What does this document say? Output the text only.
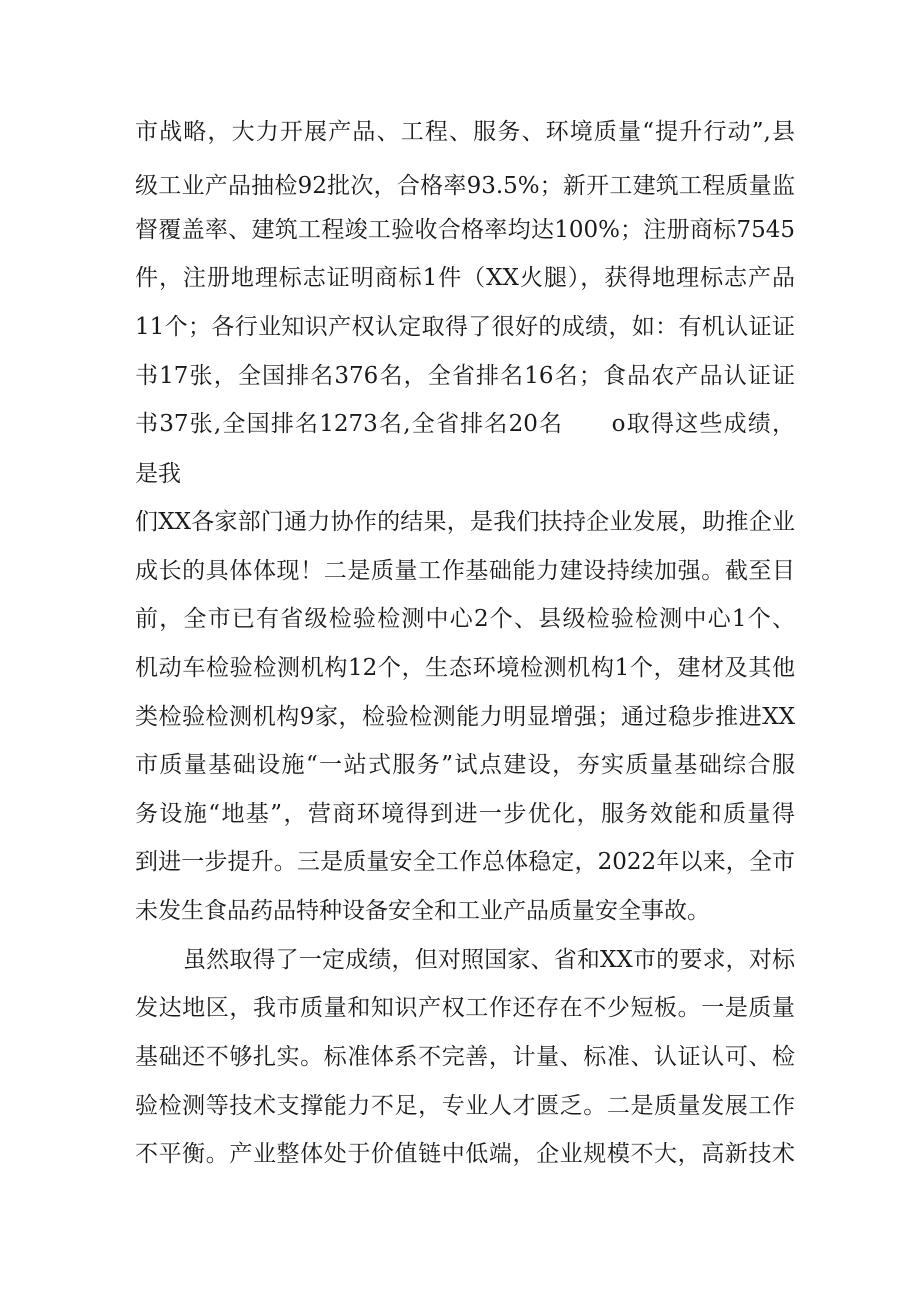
市战略，大力开展产品、工程、服务、环境质量“提升行动”,县
级工业产品抽检92批次，合格率93.5%；新开工建筑工程质量监
督覆盖率、建筑工程竣工验收合格率均达100%；注册商标7545
件，注册地理标志证明商标1件（XX火腿），获得地理标志产品
11个；各行业知识产权认定取得了很好的成绩，如：有机认证证
书17张，全国排名376名，全省排名16名；食品农产品认证证
书37张,全国排名1273名,全省排名20名　　o取得这些成绩，
是我
们XX各家部门通力协作的结果，是我们扶持企业发展，助推企业
成长的具体体现！二是质量工作基础能力建设持续加强。截至目
前，全市已有省级检验检测中心2个、县级检验检测中心1个、
机动车检验检测机构12个，生态环境检测机构1个，建材及其他
类检验检测机构9家，检验检测能力明显增强；通过稳步推进XX
市质量基础设施“一站式服务”试点建设，夯实质量基础综合服
务设施“地基”，营商环境得到进一步优化，服务效能和质量得
到进一步提升。三是质量安全工作总体稳定，2022年以来，全市
未发生食品药品特种设备安全和工业产品质量安全事故。
虽然取得了一定成绩，但对照国家、省和XX市的要求，对标
发达地区，我市质量和知识产权工作还存在不少短板。一是质量
基础还不够扎实。标准体系不完善，计量、标准、认证认可、检
验检测等技术支撑能力不足，专业人才匮乏。二是质量发展工作
不平衡。产业整体处于价值链中低端，企业规模不大，高新技术
